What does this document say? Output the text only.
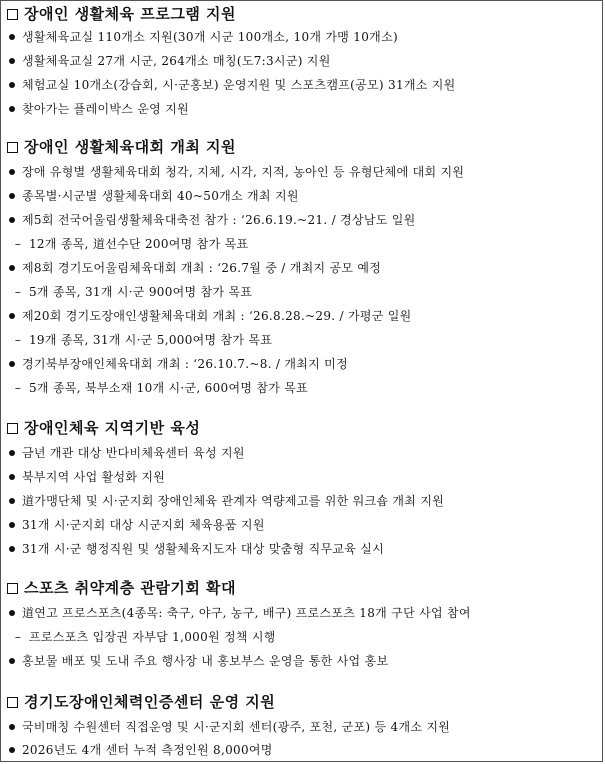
장애인 생활체육 프로그램 지원
생활체육교실 110개소 지원(30개 시군 100개소, 10개 가맹 10개소)
생활체육교실 27개 시군, 264개소 매칭(도7:3시군) 지원
체험교실 10개소(강습회, 시·군홍보) 운영지원 및 스포츠캠프(공모) 31개소 지원
찾아가는 플레이박스 운영 지원
장애인 생활체육대회 개최 지원
장애 유형별 생활체육대회 청각, 지체, 시각, 지적, 농아인 등 유형단체에 대회 지원
종목별·시군별 생활체육대회 40~50개소 개최 지원
제5회 전국어울림생활체육대축전 참가 : ‘26.6.19.~21. / 경상남도 일원
– 12개 종목, 道선수단 200여명 참가 목표
제8회 경기도어울림체육대회 개최 : ‘26.7월 중 / 개최지 공모 예정
– 5개 종목, 31개 시·군 900여명 참가 목표
제20회 경기도장애인생활체육대회 개최 : ‘26.8.28.~29. / 가평군 일원
– 19개 종목, 31개 시·군 5,000여명 참가 목표
경기북부장애인체육대회 개최 : ‘26.10.7.~8. / 개최지 미정
– 5개 종목, 북부소재 10개 시·군, 600여명 참가 목표
장애인체육 지역기반 육성
금년 개관 대상 반다비체육센터 육성 지원
북부지역 사업 활성화 지원
道가맹단체 및 시·군지회 장애인체육 관계자 역량제고를 위한 워크숍 개최 지원
31개 시·군지회 대상 시군지회 체육용품 지원
31개 시·군 행정직원 및 생활체육지도자 대상 맞춤형 직무교육 실시
스포츠 취약계층 관람기회 확대
道연고 프로스포츠(4종목: 축구, 야구, 농구, 배구) 프로스포츠 18개 구단 사업 참여
– 프로스포츠 입장권 자부담 1,000원 정책 시행
홍보물 배포 및 도내 주요 행사장 내 홍보부스 운영을 통한 사업 홍보
경기도장애인체력인증센터 운영 지원
국비매칭 수원센터 직접운영 및 시·군지회 센터(광주, 포천, 군포) 등 4개소 지원
2026년도 4개 센터 누적 측정인원 8,000여명
